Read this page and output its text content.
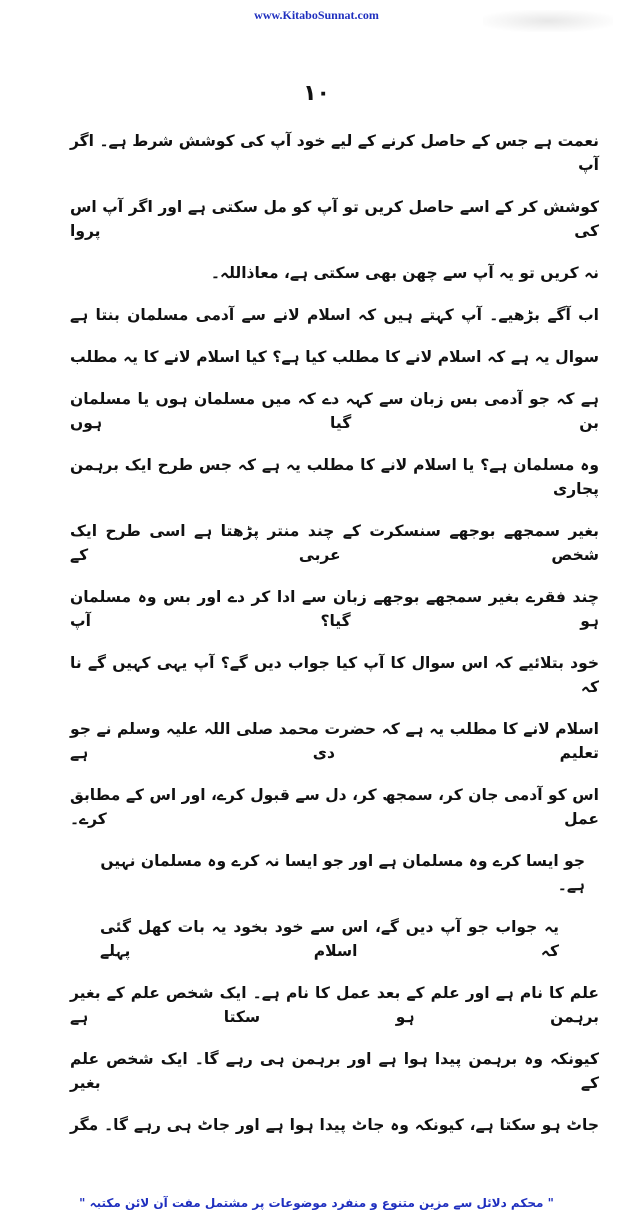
www.KitaboSunnat.com
١٠
نعمت ہے جس کے حاصل کرنے کے لیے خود آپ کی کوشش شرط ہے۔ اگر آپ
کوشش کر کے اسے حاصل کریں تو آپ کو مل سکتی ہے اور اگر آپ اس کی پروا
نہ کریں تو یہ آپ سے چھن بھی سکتی ہے، معاذاللہ۔
اب آگے بڑھیے۔ آپ کہتے ہیں کہ اسلام لانے سے آدمی مسلمان بنتا ہے
سوال یہ ہے کہ اسلام لانے کا مطلب کیا ہے؟ کیا اسلام لانے کا یہ مطلب
ہے کہ جو آدمی بس زبان سے کہہ دے کہ میں مسلمان ہوں یا مسلمان بن گیا ہوں
وہ مسلمان ہے؟ یا اسلام لانے کا مطلب یہ ہے کہ جس طرح ایک برہمن پجاری
بغیر سمجھے بوجھے سنسکرت کے چند منتر پڑھتا ہے اسی طرح ایک شخص عربی کے
چند فقرے بغیر سمجھے بوجھے زبان سے ادا کر دے اور بس وہ مسلمان ہو گیا؟ آپ
خود بتلائیے کہ اس سوال کا آپ کیا جواب دیں گے؟ آپ یہی کہیں گے نا کہ
اسلام لانے کا مطلب یہ ہے کہ حضرت محمد صلی اللہ علیہ وسلم نے جو تعلیم دی ہے
اس کو آدمی جان کر، سمجھ کر، دل سے قبول کرے، اور اس کے مطابق عمل کرے۔
جو ایسا کرے وہ مسلمان ہے اور جو ایسا نہ کرے وہ مسلمان نہیں ہے۔
یہ جواب جو آپ دیں گے، اس سے خود بخود یہ بات کھل گئی کہ اسلام پہلے
علم کا نام ہے اور علم کے بعد عمل کا نام ہے۔ ایک شخص علم کے بغیر برہمن ہو سکتا ہے
کیونکہ وہ برہمن پیدا ہوا ہے اور برہمن ہی رہے گا۔ ایک شخص علم کے بغیر
جاٹ ہو سکتا ہے، کیونکہ وہ جاٹ پیدا ہوا ہے اور جاٹ ہی رہے گا۔ مگر
" محکم دلائل سے مزین متنوع و منفرد موضوعات پر مشتمل مفت آن لائن مکتبہ "
